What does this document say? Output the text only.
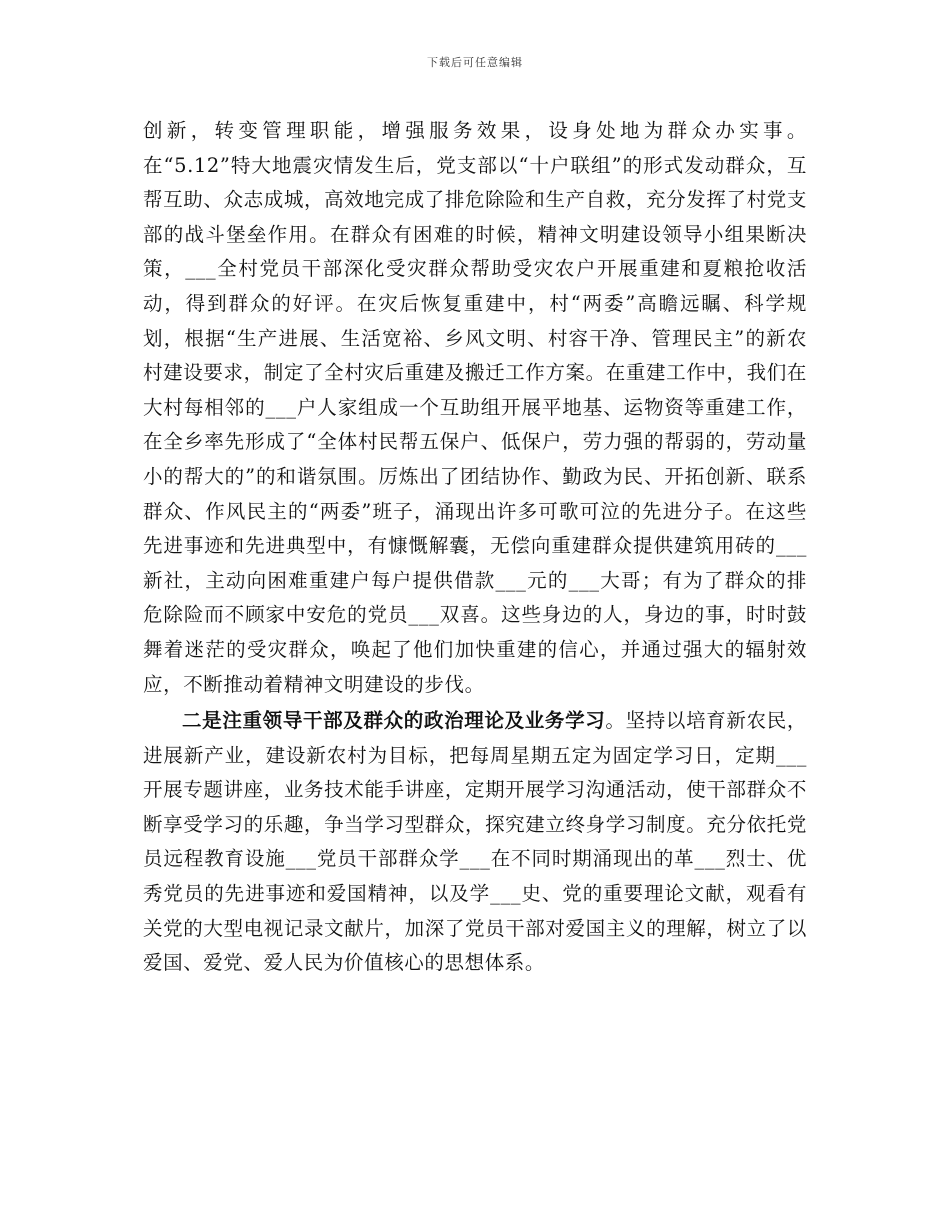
下载后可任意编辑

创新，转变管理职能，增强服务效果，设身处地为群众办实事。在“5.12”特大地震灾情发生后，党支部以“十户联组”的形式发动群众，互帮互助、众志成城，高效地完成了排危除险和生产自救，充分发挥了村党支部的战斗堡垒作用。在群众有困难的时候，精神文明建设领导小组果断决策，___全村党员干部深化受灾群众帮助受灾农户开展重建和夏粮抢收活动，得到群众的好评。在灾后恢复重建中，村“两委”高瞻远瞩、科学规划，根据“生产进展、生活宽裕、乡风文明、村容干净、管理民主”的新农村建设要求，制定了全村灾后重建及搬迁工作方案。在重建工作中，我们在大村每相邻的___户人家组成一个互助组开展平地基、运物资等重建工作，在全乡率先形成了“全体村民帮五保户、低保户，劳力强的帮弱的，劳动量小的帮大的”的和谐氛围。厉炼出了团结协作、勤政为民、开拓创新、联系群众、作风民主的“两委”班子，涌现出许多可歌可泣的先进分子。在这些先进事迹和先进典型中，有慷慨解囊，无偿向重建群众提供建筑用砖的___新社，主动向困难重建户每户提供借款___元的___大哥；有为了群众的排危除险而不顾家中安危的党员___双喜。这些身边的人，身边的事，时时鼓舞着迷茫的受灾群众，唤起了他们加快重建的信心，并通过强大的辐射效应，不断推动着精神文明建设的步伐。

二是注重领导干部及群众的政治理论及业务学习。坚持以培育新农民，进展新产业，建设新农村为目标，把每周星期五定为固定学习日，定期___开展专题讲座，业务技术能手讲座，定期开展学习沟通活动，使干部群众不断享受学习的乐趣，争当学习型群众，探究建立终身学习制度。充分依托党员远程教育设施___党员干部群众学___在不同时期涌现出的革___烈士、优秀党员的先进事迹和爱国精神，以及学___史、党的重要理论文献，观看有关党的大型电视记录文献片，加深了党员干部对爱国主义的理解，树立了以爱国、爱党、爱人民为价值核心的思想体系。
